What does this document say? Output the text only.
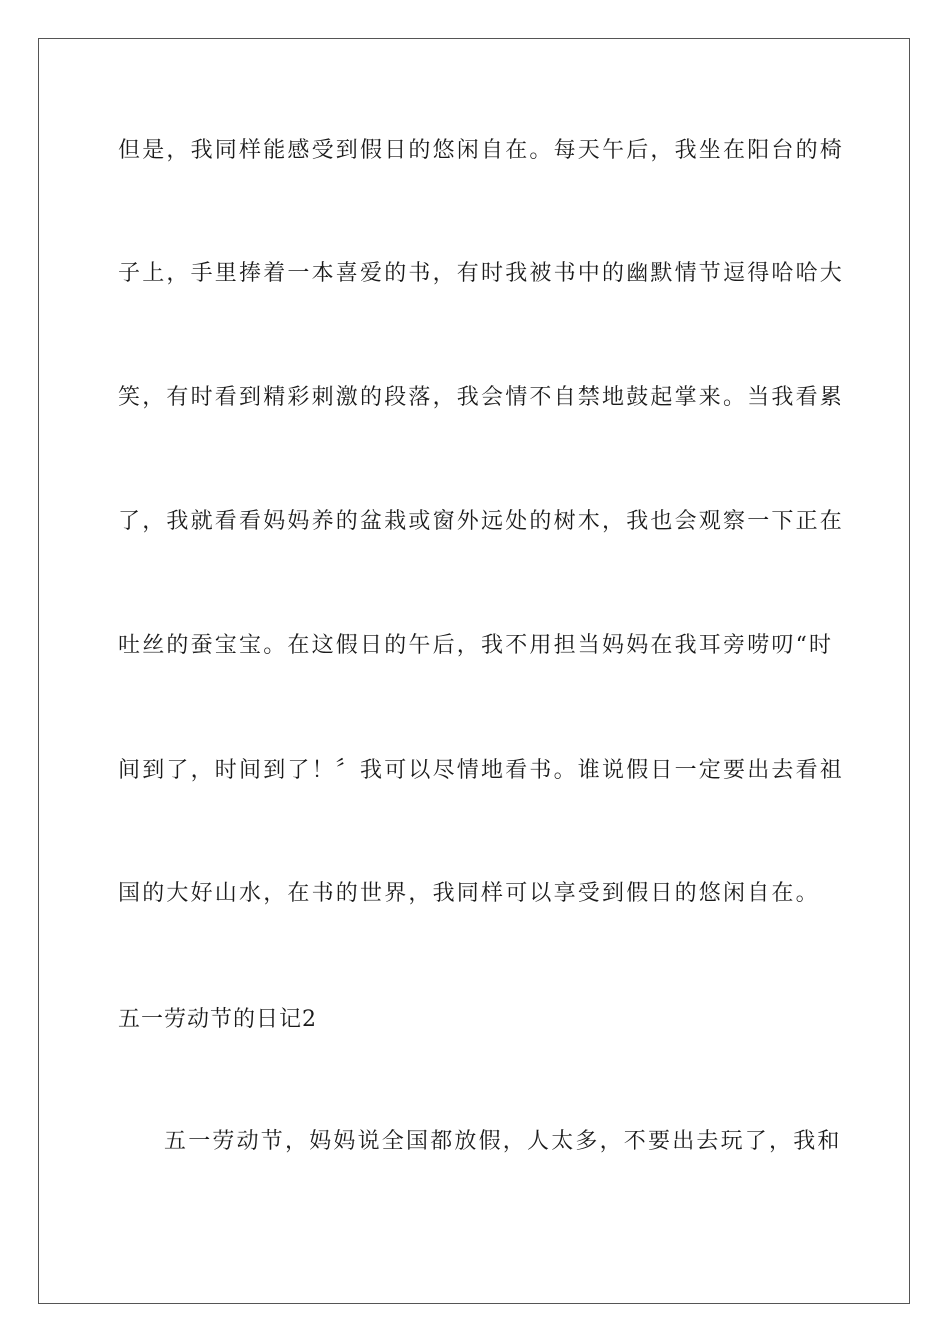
但是，我同样能感受到假日的悠闲自在。每天午后，我坐在阳台的椅
子上，手里捧着一本喜爱的书，有时我被书中的幽默情节逗得哈哈大
笑，有时看到精彩刺激的段落，我会情不自禁地鼓起掌来。当我看累
了，我就看看妈妈养的盆栽或窗外远处的树木，我也会观察一下正在
吐丝的蚕宝宝。在这假日的午后，我不用担当妈妈在我耳旁唠叨“时
间到了，时间到了！〞我可以尽情地看书。谁说假日一定要出去看祖
国的大好山水，在书的世界，我同样可以享受到假日的悠闲自在。
五一劳动节的日记2
五一劳动节，妈妈说全国都放假，人太多，不要出去玩了，我和
